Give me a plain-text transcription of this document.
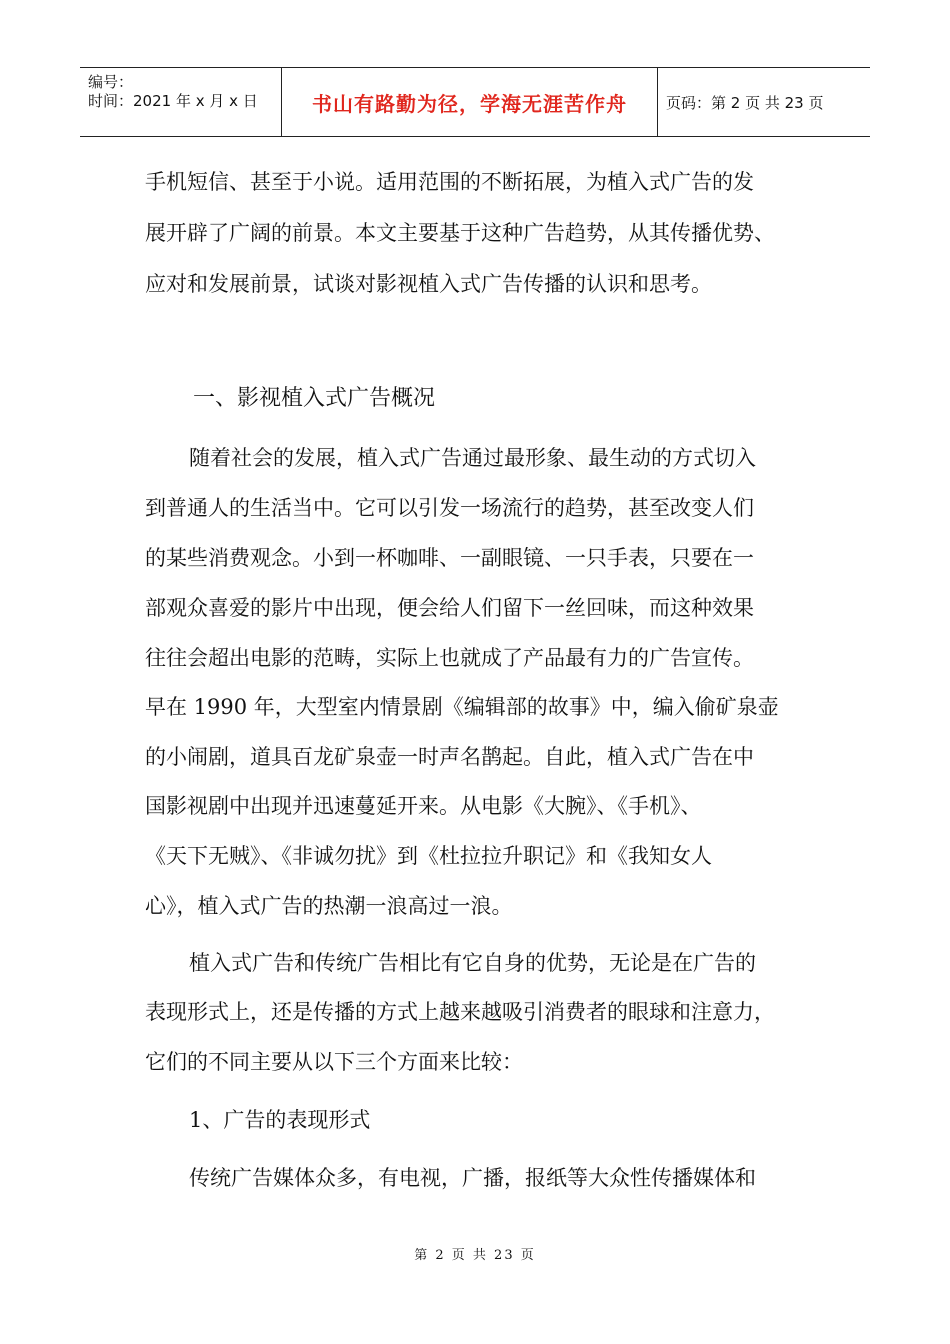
编号：
时间：2021 年 x 月 x 日	书山有路勤为径，学海无涯苦作舟	页码：第 2 页 共 23 页
手机短信、甚至于小说。适用范围的不断拓展，为植入式广告的发
展开辟了广阔的前景。本文主要基于这种广告趋势，从其传播优势、
应对和发展前景，试谈对影视植入式广告传播的认识和思考。
一、影视植入式广告概况
随着社会的发展，植入式广告通过最形象、最生动的方式切入
到普通人的生活当中。它可以引发一场流行的趋势，甚至改变人们
的某些消费观念。小到一杯咖啡、一副眼镜、一只手表，只要在一
部观众喜爱的影片中出现，便会给人们留下一丝回味，而这种效果
往往会超出电影的范畴，实际上也就成了产品最有力的广告宣传。
早在 1990 年，大型室内情景剧《编辑部的故事》中，编入偷矿泉壶
的小闹剧，道具百龙矿泉壶一时声名鹊起。自此，植入式广告在中
国影视剧中出现并迅速蔓延开来。从电影《大腕》、《手机》、
《天下无贼》、《非诚勿扰》到《杜拉拉升职记》和《我知女人
心》，植入式广告的热潮一浪高过一浪。
植入式广告和传统广告相比有它自身的优势，无论是在广告的
表现形式上，还是传播的方式上越来越吸引消费者的眼球和注意力，
它们的不同主要从以下三个方面来比较：
1、广告的表现形式
传统广告媒体众多，有电视，广播，报纸等大众性传播媒体和
第 2 页 共 23 页
